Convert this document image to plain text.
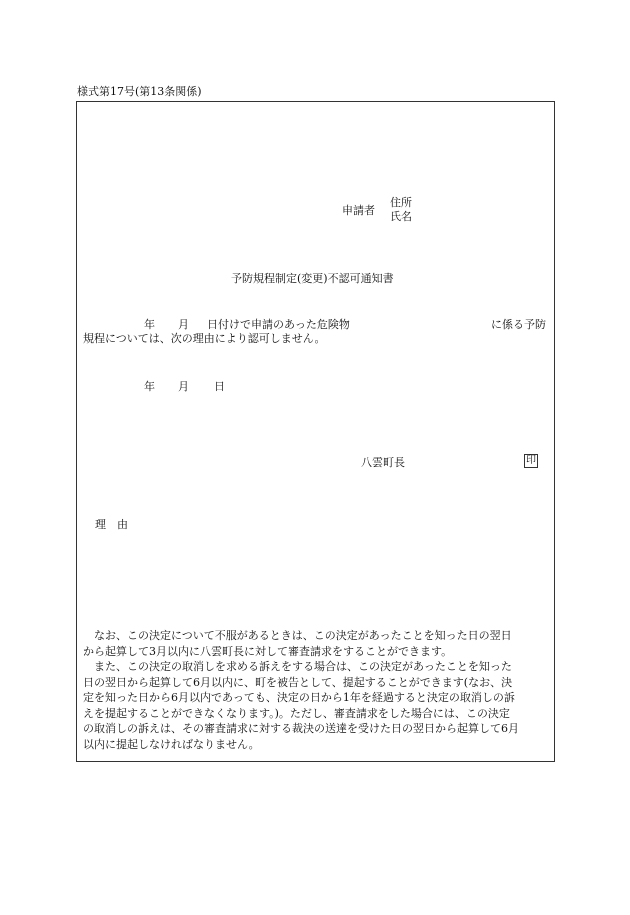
様式第17号(第13条関係)
申請者
住所
氏名
予防規程制定(変更)不認可通知書
年 月 日付けで申請のあった危険物	に係る予防
規程については、次の理由により認可しません。
年 月 日
八雲町長	印
理　由

なお、この決定について不服があるときは、この決定があったことを知った日の翌日

から起算して3月以内に八雲町長に対して審査請求をすることができます。

また、この決定の取消しを求める訴えをする場合は、この決定があったことを知った

日の翌日から起算して6月以内に、町を被告として、提起することができます(なお、決

定を知った日から6月以内であっても、決定の日から1年を経過すると決定の取消しの訴

えを提起することができなくなります。)。ただし、審査請求をした場合には、この決定

の取消しの訴えは、その審査請求に対する裁決の送達を受けた日の翌日から起算して6月

以内に提起しなければなりません。
